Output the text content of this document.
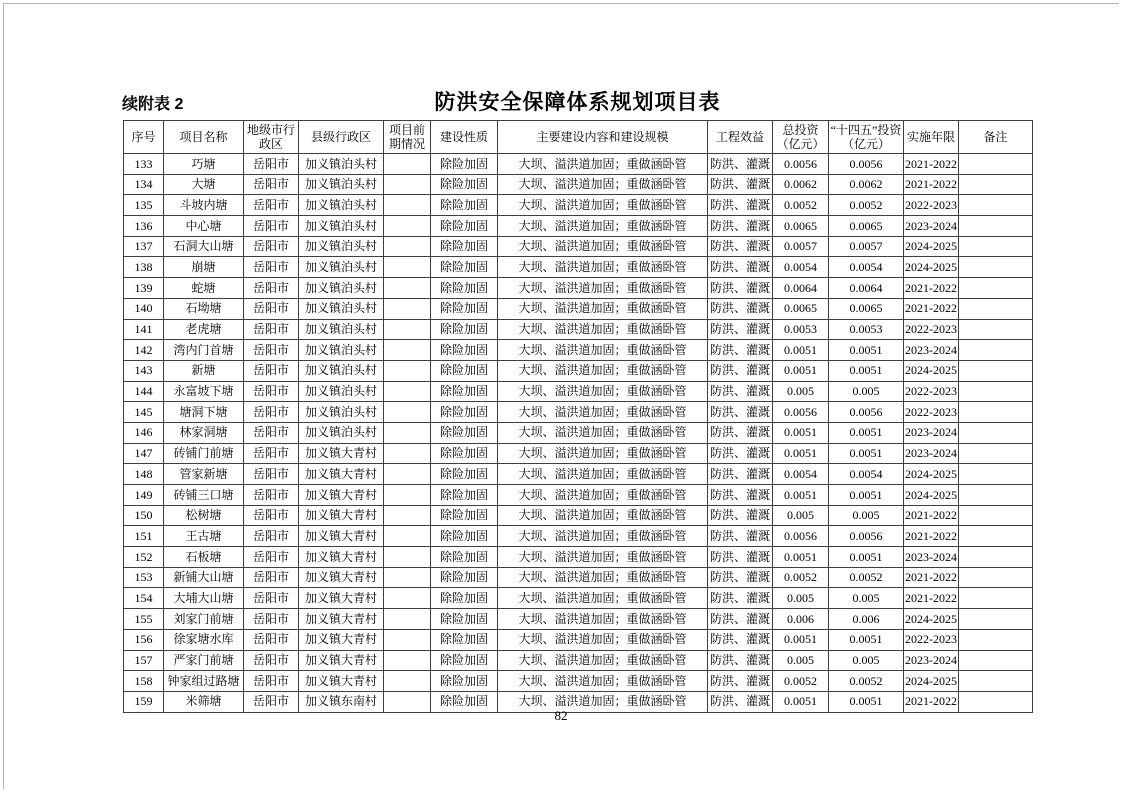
续附表 2	防洪安全保障体系规划项目表
序号	项目名称	地级市行政区	县级行政区	项目前期情况	建设性质	主要建设内容和建设规模	工程效益	总投资（亿元）	“十四五”投资（亿元）	实施年限	备注
133	巧塘	岳阳市	加义镇泊头村		除险加固	大坝、溢洪道加固；重做涵卧管	防洪、灌溉	0.0056	0.0056	2021-2022	
134	大塘	岳阳市	加义镇泊头村		除险加固	大坝、溢洪道加固；重做涵卧管	防洪、灌溉	0.0062	0.0062	2021-2022	
135	斗坡内塘	岳阳市	加义镇泊头村		除险加固	大坝、溢洪道加固；重做涵卧管	防洪、灌溉	0.0052	0.0052	2022-2023	
136	中心塘	岳阳市	加义镇泊头村		除险加固	大坝、溢洪道加固；重做涵卧管	防洪、灌溉	0.0065	0.0065	2023-2024	
137	石洞大山塘	岳阳市	加义镇泊头村		除险加固	大坝、溢洪道加固；重做涵卧管	防洪、灌溉	0.0057	0.0057	2024-2025	
138	崩塘	岳阳市	加义镇泊头村		除险加固	大坝、溢洪道加固；重做涵卧管	防洪、灌溉	0.0054	0.0054	2024-2025	
139	蛇塘	岳阳市	加义镇泊头村		除险加固	大坝、溢洪道加固；重做涵卧管	防洪、灌溉	0.0064	0.0064	2021-2022	
140	石坳塘	岳阳市	加义镇泊头村		除险加固	大坝、溢洪道加固；重做涵卧管	防洪、灌溉	0.0065	0.0065	2021-2022	
141	老虎塘	岳阳市	加义镇泊头村		除险加固	大坝、溢洪道加固；重做涵卧管	防洪、灌溉	0.0053	0.0053	2022-2023	
142	湾内门首塘	岳阳市	加义镇泊头村		除险加固	大坝、溢洪道加固；重做涵卧管	防洪、灌溉	0.0051	0.0051	2023-2024	
143	新塘	岳阳市	加义镇泊头村		除险加固	大坝、溢洪道加固；重做涵卧管	防洪、灌溉	0.0051	0.0051	2024-2025	
144	永富坡下塘	岳阳市	加义镇泊头村		除险加固	大坝、溢洪道加固；重做涵卧管	防洪、灌溉	0.005	0.005	2022-2023	
145	塘洞下塘	岳阳市	加义镇泊头村		除险加固	大坝、溢洪道加固；重做涵卧管	防洪、灌溉	0.0056	0.0056	2022-2023	
146	林家洞塘	岳阳市	加义镇泊头村		除险加固	大坝、溢洪道加固；重做涵卧管	防洪、灌溉	0.0051	0.0051	2023-2024	
147	砖铺门前塘	岳阳市	加义镇大青村		除险加固	大坝、溢洪道加固；重做涵卧管	防洪、灌溉	0.0051	0.0051	2023-2024	
148	管家新塘	岳阳市	加义镇大青村		除险加固	大坝、溢洪道加固；重做涵卧管	防洪、灌溉	0.0054	0.0054	2024-2025	
149	砖铺三口塘	岳阳市	加义镇大青村		除险加固	大坝、溢洪道加固；重做涵卧管	防洪、灌溉	0.0051	0.0051	2024-2025	
150	松树塘	岳阳市	加义镇大青村		除险加固	大坝、溢洪道加固；重做涵卧管	防洪、灌溉	0.005	0.005	2021-2022	
151	王古塘	岳阳市	加义镇大青村		除险加固	大坝、溢洪道加固；重做涵卧管	防洪、灌溉	0.0056	0.0056	2021-2022	
152	石板塘	岳阳市	加义镇大青村		除险加固	大坝、溢洪道加固；重做涵卧管	防洪、灌溉	0.0051	0.0051	2023-2024	
153	新铺大山塘	岳阳市	加义镇大青村		除险加固	大坝、溢洪道加固；重做涵卧管	防洪、灌溉	0.0052	0.0052	2021-2022	
154	大埔大山塘	岳阳市	加义镇大青村		除险加固	大坝、溢洪道加固；重做涵卧管	防洪、灌溉	0.005	0.005	2021-2022	
155	刘家门前塘	岳阳市	加义镇大青村		除险加固	大坝、溢洪道加固；重做涵卧管	防洪、灌溉	0.006	0.006	2024-2025	
156	徐家塘水库	岳阳市	加义镇大青村		除险加固	大坝、溢洪道加固；重做涵卧管	防洪、灌溉	0.0051	0.0051	2022-2023	
157	严家门前塘	岳阳市	加义镇大青村		除险加固	大坝、溢洪道加固；重做涵卧管	防洪、灌溉	0.005	0.005	2023-2024	
158	钟家组过路塘	岳阳市	加义镇大青村		除险加固	大坝、溢洪道加固；重做涵卧管	防洪、灌溉	0.0052	0.0052	2024-2025	
159	米筛塘	岳阳市	加义镇东南村		除险加固	大坝、溢洪道加固；重做涵卧管	防洪、灌溉	0.0051	0.0051	2021-2022	
82
